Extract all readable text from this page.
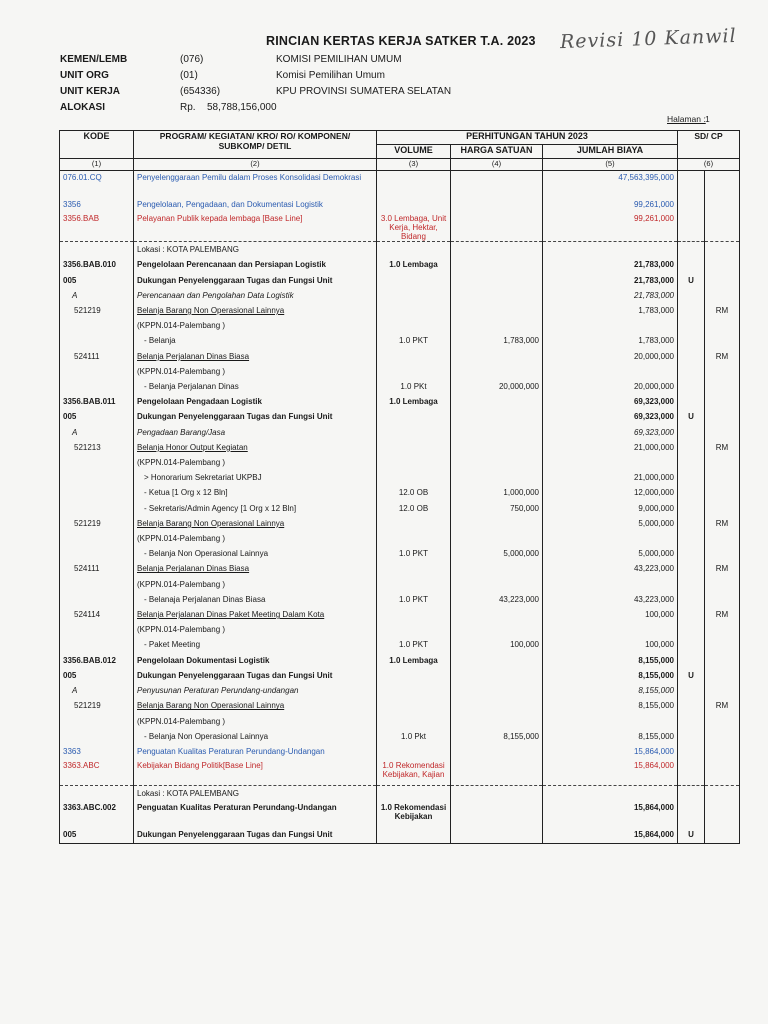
RINCIAN KERTAS KERJA SATKER T.A. 2023 Revisi 10 Kanwil
KEMEN/LEMB	(076)	KOMISI PEMILIHAN UMUM
UNIT ORG	(01)	Komisi Pemilihan Umum
UNIT KERJA	(654336)	KPU PROVINSI SUMATERA SELATAN
ALOKASI	Rp. 58,788,156,000
Halaman : 1
KODE	PROGRAM/ KEGIATAN/ KRO/ RO/ KOMPONEN/ SUBKOMP/ DETIL	PERHITUNGAN TAHUN 2023			SD/ CP	
		VOLUME	HARGA SATUAN	JUMLAH BIAYA		
(1)	(2)	(3)	(4)	(5)	(6)	
076.01.CQ	Penyelenggaraan Pemilu dalam Proses Konsolidasi Demokrasi			47,563,395,000		
3356	Pengelolaan, Pengadaan, dan Dokumentasi Logistik			99,261,000		
3356.BAB	Pelayanan Publik kepada lembaga [Base Line]	3.0 Lembaga, Unit Kerja, Hektar, Bidang		99,261,000		
	Lokasi : KOTA PALEMBANG					
3356.BAB.010	Pengelolaan Perencanaan dan Persiapan Logistik	1.0 Lembaga		21,783,000		
005	Dukungan Penyelenggaraan Tugas dan Fungsi Unit			21,783,000	U	
A	Perencanaan dan Pengolahan Data Logistik			21,783,000		
521219	Belanja Barang Non Operasional Lainnya			1,783,000		RM
	(KPPN.014-Palembang )					
	- Belanja	1.0 PKT	1,783,000	1,783,000		
524111	Belanja Perjalanan Dinas Biasa			20,000,000		RM
	(KPPN.014-Palembang )					
	- Belanja Perjalanan Dinas	1.0 PKt	20,000,000	20,000,000		
3356.BAB.011	Pengelolaan Pengadaan Logistik	1.0 Lembaga		69,323,000		
005	Dukungan Penyelenggaraan Tugas dan Fungsi Unit			69,323,000	U	
A	Pengadaan Barang/Jasa			69,323,000		
521213	Belanja Honor Output Kegiatan			21,000,000		RM
	(KPPN.014-Palembang )					
	> Honorarium Sekretariat UKPBJ			21,000,000		
	- Ketua [1 Org x 12 Bln]	12.0 OB	1,000,000	12,000,000		
	- Sekretaris/Admin Agency [1 Org x 12 Bln]	12.0 OB	750,000	9,000,000		
521219	Belanja Barang Non Operasional Lainnya			5,000,000		RM
	(KPPN.014-Palembang )					
	- Belanja Non Operasional Lainnya	1.0 PKT	5,000,000	5,000,000		
524111	Belanja Perjalanan Dinas Biasa			43,223,000		RM
	(KPPN.014-Palembang )					
	- Belanaja Perjalanan Dinas Biasa	1.0 PKT	43,223,000	43,223,000		
524114	Belanja Perjalanan Dinas Paket Meeting Dalam Kota			100,000		RM
	(KPPN.014-Palembang )					
	- Paket Meeting	1.0 PKT	100,000	100,000		
3356.BAB.012	Pengelolaan Dokumentasi Logistik	1.0 Lembaga		8,155,000		
005	Dukungan Penyelenggaraan Tugas dan Fungsi Unit			8,155,000	U	
A	Penyusunan Peraturan Perundang-undangan			8,155,000		
521219	Belanja Barang Non Operasional Lainnya			8,155,000		RM
	(KPPN.014-Palembang )					
	- Belanja Non Operasional Lainnya	1.0 Pkt	8,155,000	8,155,000		
3363	Penguatan Kualitas Peraturan Perundang-Undangan			15,864,000		
3363.ABC	Kebijakan Bidang Politik[Base Line]	1.0 Rekomendasi Kebijakan, Kajian		15,864,000		
	Lokasi : KOTA PALEMBANG					
3363.ABC.002	Penguatan Kualitas Peraturan Perundang-Undangan	1.0 Rekomendasi Kebijakan		15,864,000		
005	Dukungan Penyelenggaraan Tugas dan Fungsi Unit			15,864,000	U	
